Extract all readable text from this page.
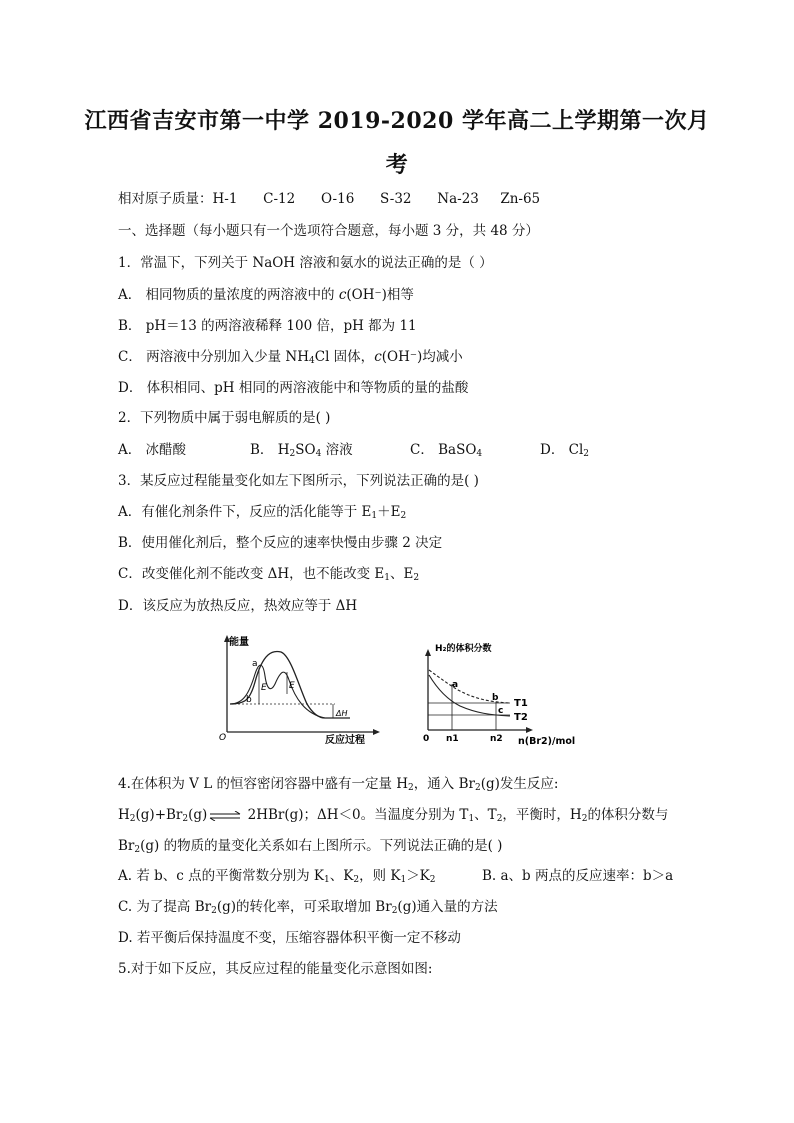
江西省吉安市第一中学 2019-2020 学年高二上学期第一次月
考
相对原子质量：H-1      C-12      O-16      S-32      Na-23     Zn-65
一、选择题（每小题只有一个选项符合题意，每小题 3 分，共 48 分）
1．常温下，下列关于 NaOH 溶液和氨水的说法正确的是（ ）
A． 相同物质的量浓度的两溶液中的 c(OH⁻)相等
B． pH＝13 的两溶液稀释 100 倍，pH 都为 11
C． 两溶液中分别加入少量 $NH_4Cl$ 固体，c(OH⁻)均减小
D． 体积相同、pH 相同的两溶液能中和等物质的量的盐酸
2．下列物质中属于弱电解质的是( )
A． 冰醋酸	B． $H_2SO_4$ 溶液	C． BaSO$_4$	D． $Cl_2$
3．某反应过程能量变化如左下图所示，下列说法正确的是( )
A．有催化剂条件下，反应的活化能等于 $E_1+E_2$
B．使用催化剂后，整个反应的速率快慢由步骤 2 决定
C．改变催化剂不能改变 ΔH，也不能改变 $E_1$、$E_2$
D．该反应为放热反应，热效应等于 ΔH
能量
反应过程
O
a
b
E E
ΔH
H₂的体积分数
n(Br2)/mol
0 n1	n2
a
b
c
T1
T2
4.在体积为 V L 的恒容密闭容器中盛有一定量 $H_2$，通入 $Br_2(g)$发生反应:
$H_2(g)+Br_2(g)$ ⇌ 2HBr(g)；ΔH＜0。当温度分别为 $T_1$、$T_2$，平衡时，$H_2$的体积分数与
$Br_2(g)$ 的物质的量变化关系如右上图所示。下列说法正确的是( )
A. 若 b、c 点的平衡常数分别为 $K_1$、$K_2$，则 $K_1>K_2$	B. a、b 两点的反应速率：b＞a
C. 为了提高 $Br_2(g)$的转化率，可采取增加 $Br_2(g)$通入量的方法
D. 若平衡后保持温度不变，压缩容器体积平衡一定不移动
5.对于如下反应，其反应过程的能量变化示意图如图:
